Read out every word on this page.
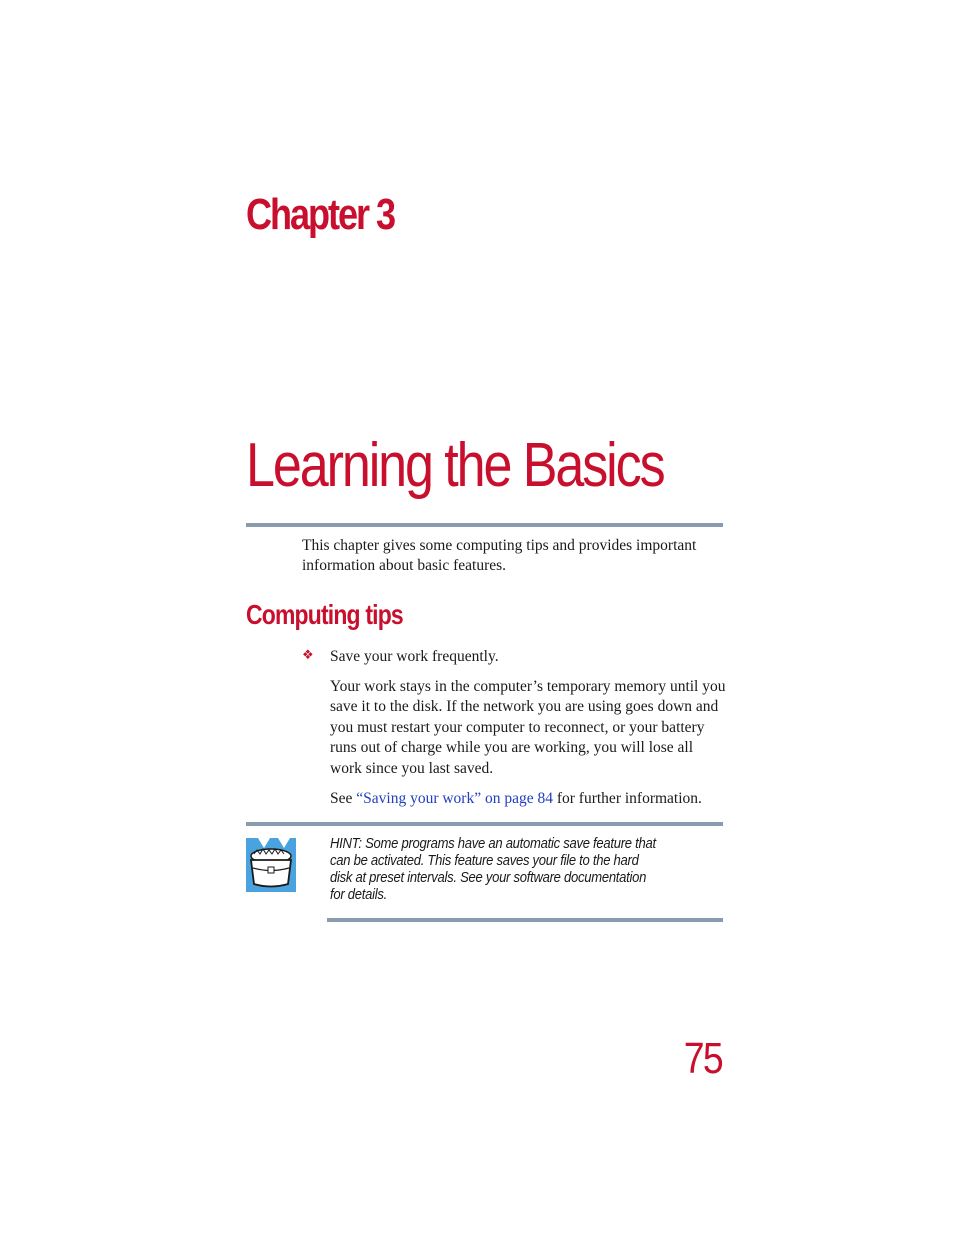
Chapter 3
Learning the Basics

This chapter gives some computing tips and provides important information about basic features.

Computing tips
❖ Save your work frequently.

Your work stays in the computer’s temporary memory until you save it to the disk. If the network you are using goes down and you must restart your computer to reconnect, or your battery runs out of charge while you are working, you will lose all work since you last saved.

See “Saving your work” on page 84 for further information.

HINT: Some programs have an automatic save feature that can be activated. This feature saves your file to the hard disk at preset intervals. See your software documentation for details.

75
